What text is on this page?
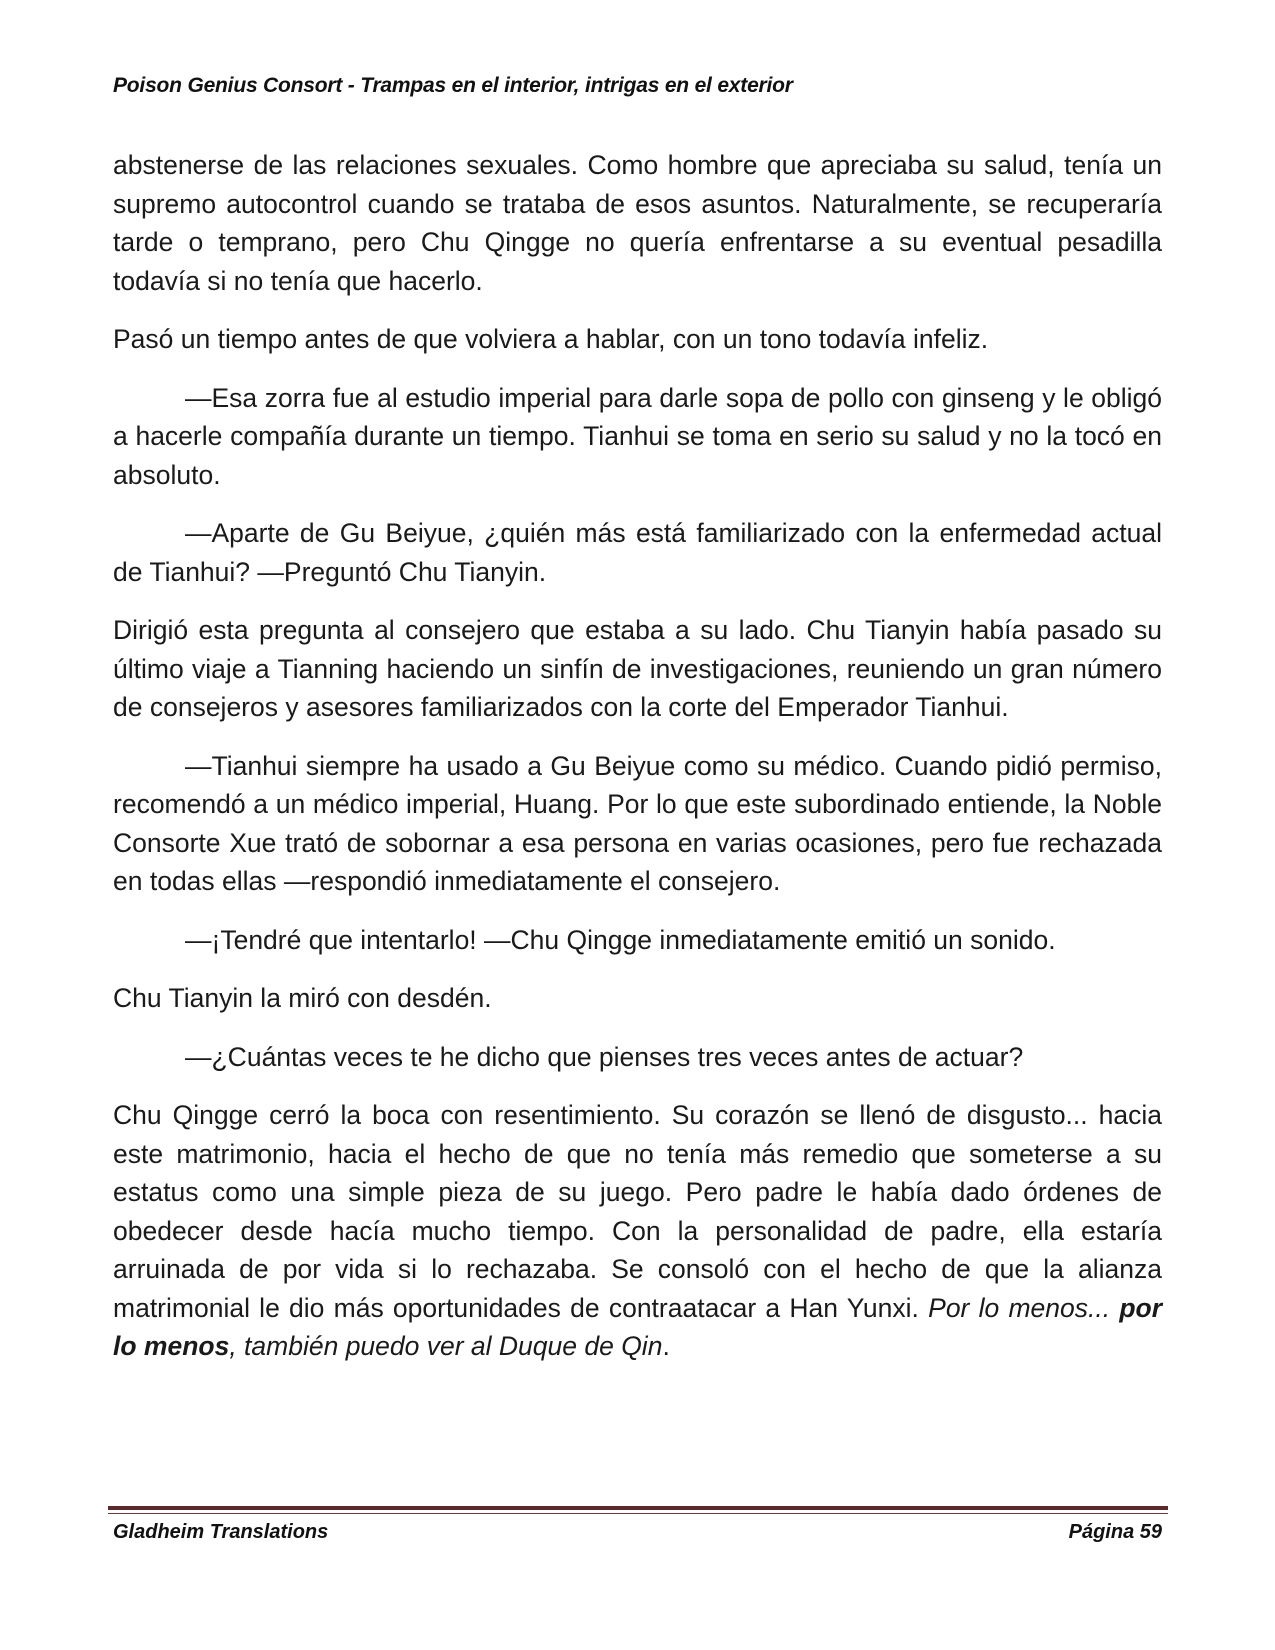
Poison Genius Consort - Trampas en el interior, intrigas en el exterior

abstenerse de las relaciones sexuales. Como hombre que apreciaba su salud, tenía un supremo autocontrol cuando se trataba de esos asuntos. Naturalmente, se recuperaría tarde o temprano, pero Chu Qingge no quería enfrentarse a su eventual pesadilla todavía si no tenía que hacerlo.

Pasó un tiempo antes de que volviera a hablar, con un tono todavía infeliz.

—Esa zorra fue al estudio imperial para darle sopa de pollo con ginseng y le obligó a hacerle compañía durante un tiempo. Tianhui se toma en serio su salud y no la tocó en absoluto.

—Aparte de Gu Beiyue, ¿quién más está familiarizado con la enfermedad actual de Tianhui? —Preguntó Chu Tianyin.

Dirigió esta pregunta al consejero que estaba a su lado. Chu Tianyin había pasado su último viaje a Tianning haciendo un sinfín de investigaciones, reuniendo un gran número de consejeros y asesores familiarizados con la corte del Emperador Tianhui.

—Tianhui siempre ha usado a Gu Beiyue como su médico. Cuando pidió permiso, recomendó a un médico imperial, Huang. Por lo que este subordinado entiende, la Noble Consorte Xue trató de sobornar a esa persona en varias ocasiones, pero fue rechazada en todas ellas —respondió inmediatamente el consejero.

—¡Tendré que intentarlo! —Chu Qingge inmediatamente emitió un sonido.

Chu Tianyin la miró con desdén.

—¿Cuántas veces te he dicho que pienses tres veces antes de actuar?

Chu Qingge cerró la boca con resentimiento. Su corazón se llenó de disgusto... hacia este matrimonio, hacia el hecho de que no tenía más remedio que someterse a su estatus como una simple pieza de su juego. Pero padre le había dado órdenes de obedecer desde hacía mucho tiempo. Con la personalidad de padre, ella estaría arruinada de por vida si lo rechazaba. Se consoló con el hecho de que la alianza matrimonial le dio más oportunidades de contraatacar a Han Yunxi. Por lo menos... por lo menos, también puedo ver al Duque de Qin.

Gladheim Translations	Página 59
